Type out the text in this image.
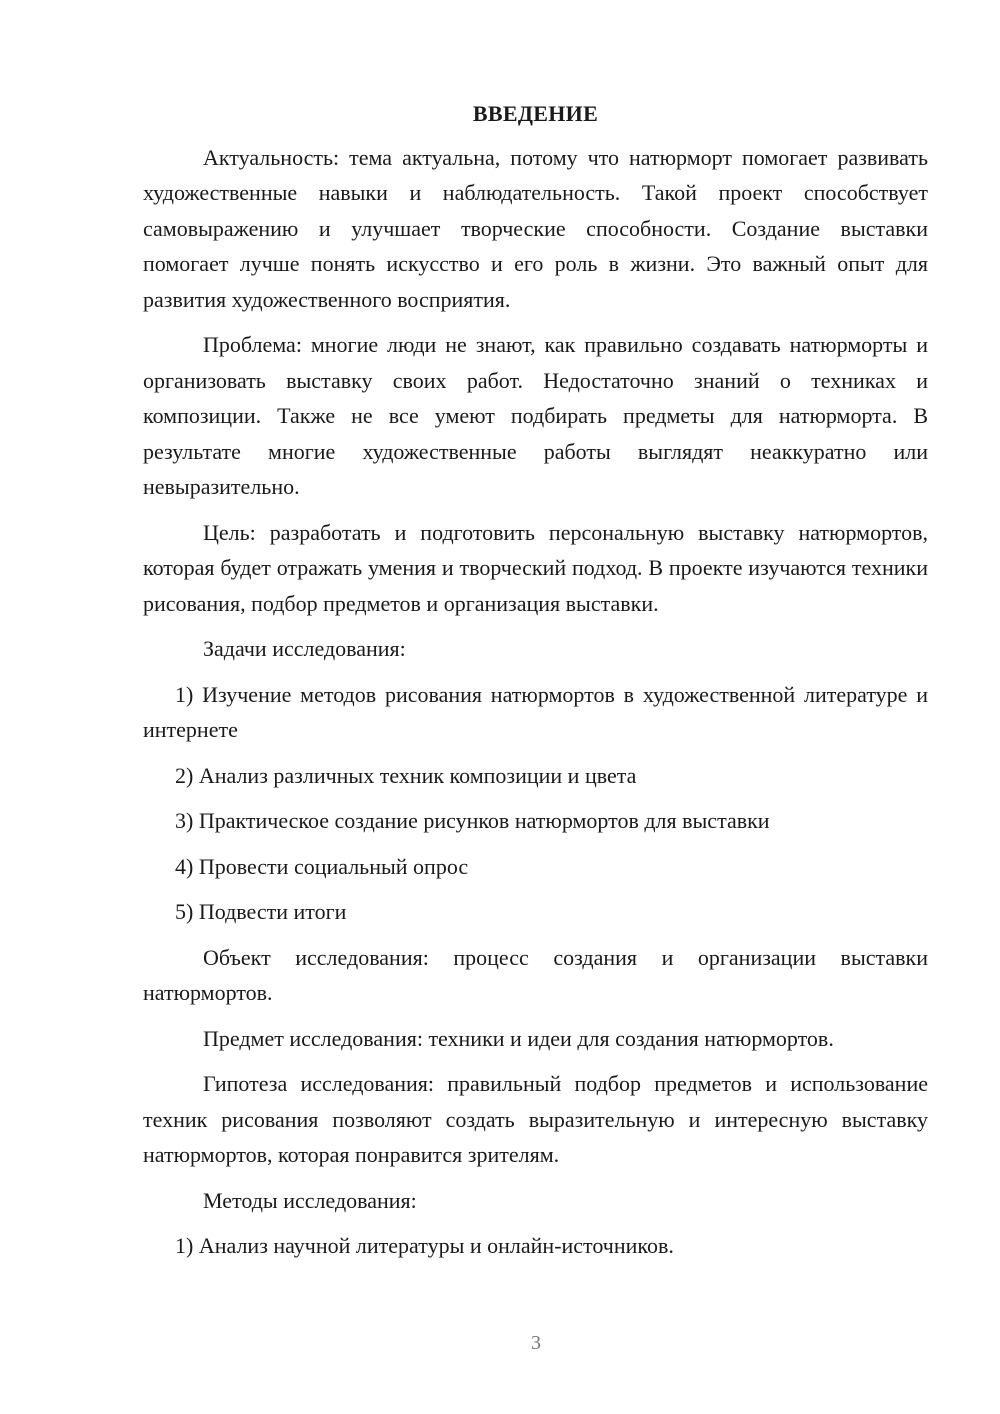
ВВЕДЕНИЕ

Актуальность: тема актуальна, потому что натюрморт помогает развивать художественные навыки и наблюдательность. Такой проект способствует самовыражению и улучшает творческие способности. Создание выставки помогает лучше понять искусство и его роль в жизни. Это важный опыт для развития художественного восприятия.

Проблема: многие люди не знают, как правильно создавать натюрморты и организовать выставку своих работ. Недостаточно знаний о техниках и композиции. Также не все умеют подбирать предметы для натюрморта. В результате многие художественные работы выглядят неаккуратно или невыразительно.

Цель: разработать и подготовить персональную выставку натюрмортов, которая будет отражать умения и творческий подход. В проекте изучаются техники рисования, подбор предметов и организация выставки.

Задачи исследования:

1) Изучение методов рисования натюрмортов в художественной литературе и интернете

2) Анализ различных техник композиции и цвета

3) Практическое создание рисунков натюрмортов для выставки

4) Провести социальный опрос

5) Подвести итоги

Объект исследования: процесс создания и организации выставки натюрмортов.

Предмет исследования: техники и идеи для создания натюрмортов.

Гипотеза исследования: правильный подбор предметов и использование техник рисования позволяют создать выразительную и интересную выставку натюрмортов, которая понравится зрителям.

Методы исследования:

1) Анализ научной литературы и онлайн-источников.

3
